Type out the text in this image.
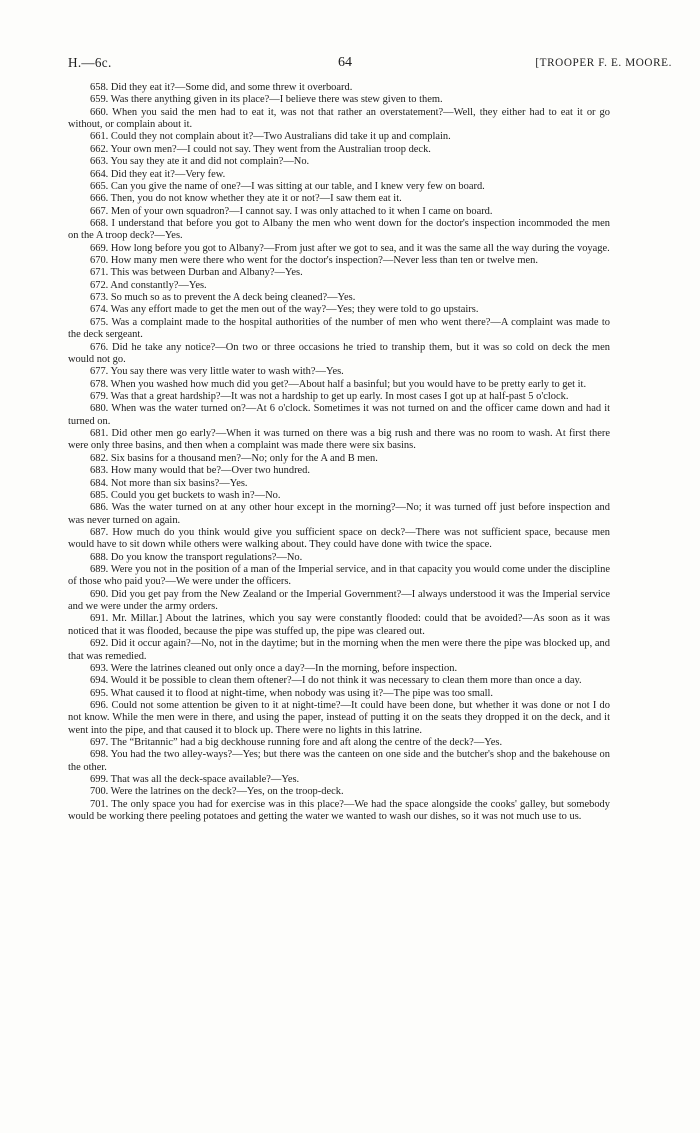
H.—6c.	64	[TROOPER F. E. MOORE.

658. Did they eat it?—Some did, and some threw it overboard.

659. Was there anything given in its place?—I believe there was stew given to them.

660. When you said the men had to eat it, was not that rather an overstatement?—Well, they either had to eat it or go without, or complain about it.

661. Could they not complain about it?—Two Australians did take it up and complain.

662. Your own men?—I could not say. They went from the Australian troop deck.

663. You say they ate it and did not complain?—No.

664. Did they eat it?—Very few.

665. Can you give the name of one?—I was sitting at our table, and I knew very few on board.

666. Then, you do not know whether they ate it or not?—I saw them eat it.

667. Men of your own squadron?—I cannot say. I was only attached to it when I came on board.

668. I understand that before you got to Albany the men who went down for the doctor's inspection incommoded the men on the A troop deck?—Yes.

669. How long before you got to Albany?—From just after we got to sea, and it was the same all the way during the voyage.

670. How many men were there who went for the doctor's inspection?—Never less than ten or twelve men.

671. This was between Durban and Albany?—Yes.

672. And constantly?—Yes.

673. So much so as to prevent the A deck being cleaned?—Yes.

674. Was any effort made to get the men out of the way?—Yes; they were told to go upstairs.

675. Was a complaint made to the hospital authorities of the number of men who went there?—A complaint was made to the deck sergeant.

676. Did he take any notice?—On two or three occasions he tried to tranship them, but it was so cold on deck the men would not go.

677. You say there was very little water to wash with?—Yes.

678. When you washed how much did you get?—About half a basinful; but you would have to be pretty early to get it.

679. Was that a great hardship?—It was not a hardship to get up early. In most cases I got up at half-past 5 o'clock.

680. When was the water turned on?—At 6 o'clock. Sometimes it was not turned on and the officer came down and had it turned on.

681. Did other men go early?—When it was turned on there was a big rush and there was no room to wash. At first there were only three basins, and then when a complaint was made there were six basins.

682. Six basins for a thousand men?—No; only for the A and B men.

683. How many would that be?—Over two hundred.

684. Not more than six basins?—Yes.

685. Could you get buckets to wash in?—No.

686. Was the water turned on at any other hour except in the morning?—No; it was turned off just before inspection and was never turned on again.

687. How much do you think would give you sufficient space on deck?—There was not sufficient space, because men would have to sit down while others were walking about. They could have done with twice the space.

688. Do you know the transport regulations?—No.

689. Were you not in the position of a man of the Imperial service, and in that capacity you would come under the discipline of those who paid you?—We were under the officers.

690. Did you get pay from the New Zealand or the Imperial Government?—I always understood it was the Imperial service and we were under the army orders.

691. Mr. Millar.] About the latrines, which you say were constantly flooded: could that be avoided?—As soon as it was noticed that it was flooded, because the pipe was stuffed up, the pipe was cleared out.

692. Did it occur again?—No, not in the daytime; but in the morning when the men were there the pipe was blocked up, and that was remedied.

693. Were the latrines cleaned out only once a day?—In the morning, before inspection.

694. Would it be possible to clean them oftener?—I do not think it was necessary to clean them more than once a day.

695. What caused it to flood at night-time, when nobody was using it?—The pipe was too small.

696. Could not some attention be given to it at night-time?—It could have been done, but whether it was done or not I do not know. While the men were in there, and using the paper, instead of putting it on the seats they dropped it on the deck, and it went into the pipe, and that caused it to block up. There were no lights in this latrine.

697. The “Britannic” had a big deckhouse running fore and aft along the centre of the deck?—Yes.

698. You had the two alley-ways?—Yes; but there was the canteen on one side and the butcher's shop and the bakehouse on the other.

699. That was all the deck-space available?—Yes.

700. Were the latrines on the deck?—Yes, on the troop-deck.

701. The only space you had for exercise was in this place?—We had the space alongside the cooks' galley, but somebody would be working there peeling potatoes and getting the water we wanted to wash our dishes, so it was not much use to us.
